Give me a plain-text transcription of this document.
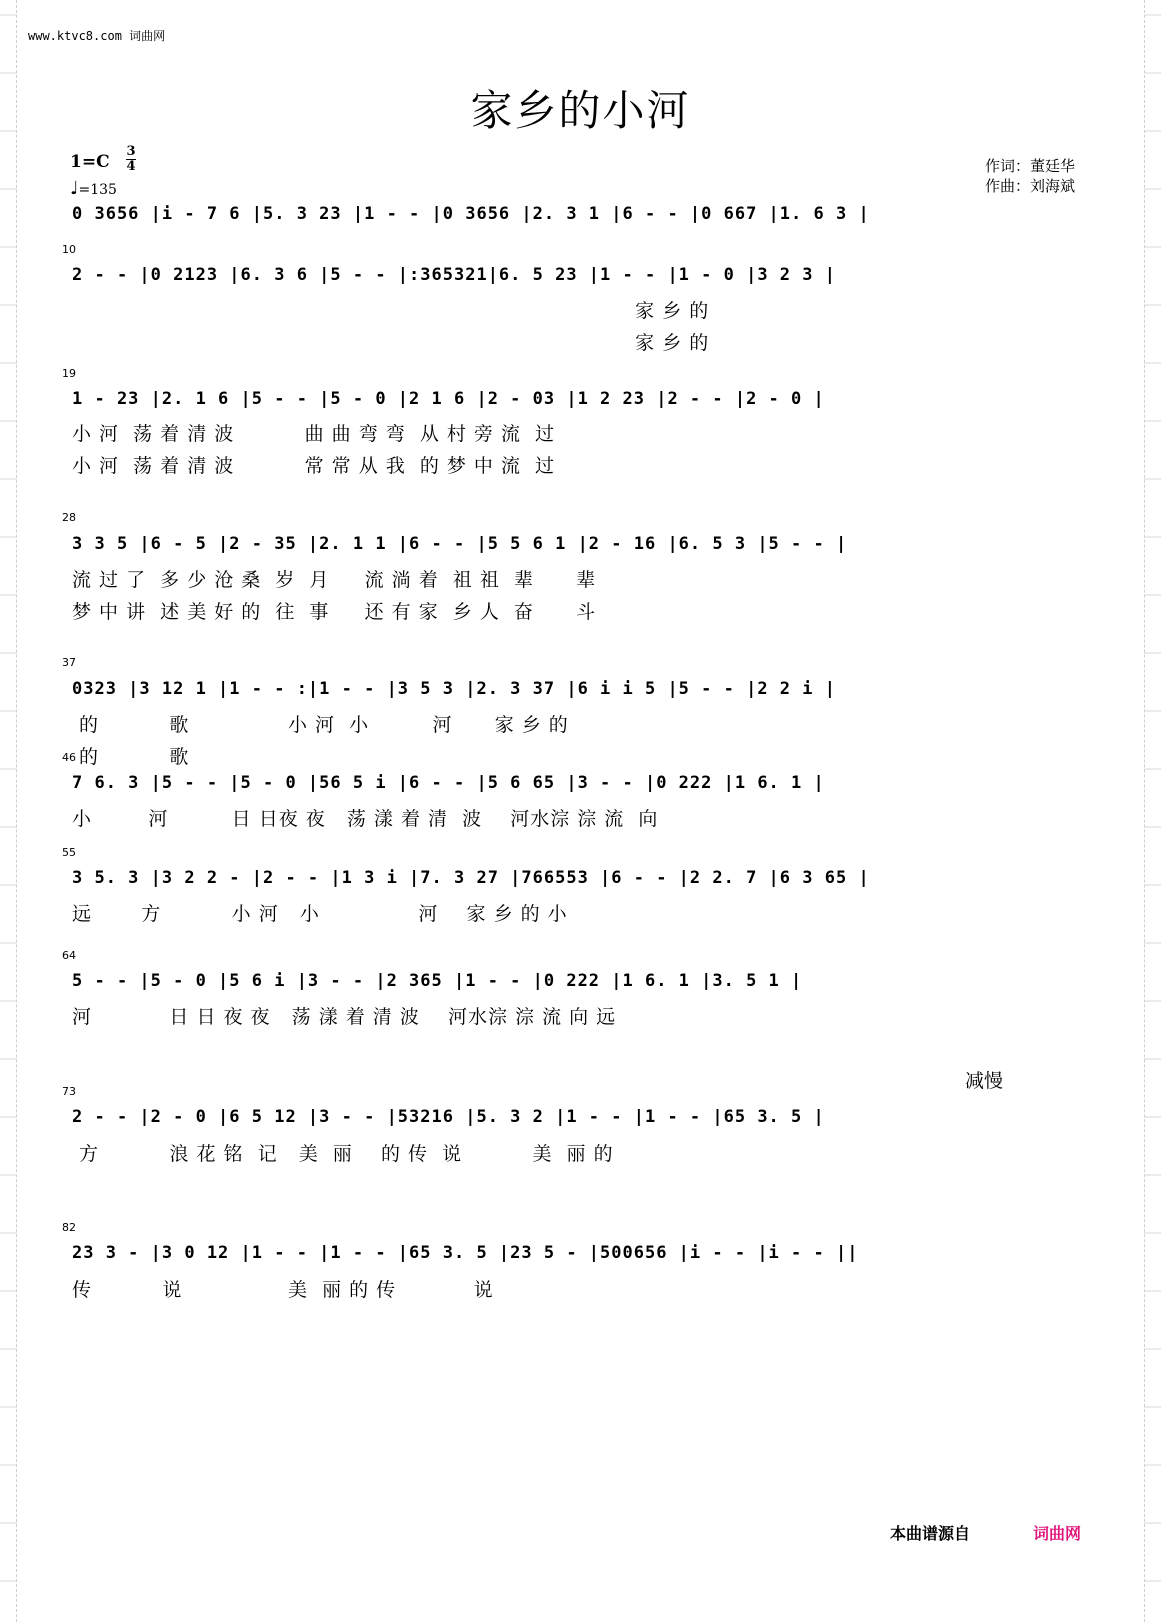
www.ktvc8.com 词曲网
家乡的小河
1=C
3
4
♩=135
作词：董廷华
作曲：刘海斌
0 3656 |i - 7 6 |5. 3 23 |1 - - |0 3656 |2. 3 1 |6 - - |0 667 |1. 6 3 |
10
2 - - |0 2123 |6. 3 6 |5 - - |:365321|6. 5 23 |1 - - |1 - 0 |3 2 3 |
家 乡 的
家 乡 的
19
1 - 23 |2. 1 6 |5 - - |5 - 0 |2 1 6 |2 - 03 |1 2 23 |2 - - |2 - 0 |
小 河  荡 着 清 波          曲 曲 弯 弯  从 村 旁 流  过
小 河  荡 着 清 波          常 常 从 我  的 梦 中 流  过
28
3 3 5 |6 - 5 |2 - 35 |2. 1 1 |6 - - |5 5 6 1 |2 - 16 |6. 5 3 |5 - - |
流 过 了  多 少 沧 桑  岁  月     流 淌 着  祖 祖  辈      辈
梦 中 讲  述 美 好 的  往  事     还 有 家  乡 人  奋      斗
37
0323 |3 12 1 |1 - - :|1 - - |3 5 3 |2. 3 37 |6 i i 5 |5 - - |2 2 i |
的          歌              小 河  小         河      家 乡 的
的          歌
46
7 6. 3 |5 - - |5 - 0 |56 5 i |6 - - |5 6 65 |3 - - |0 222 |1 6. 1 |
小        河         日 日夜 夜   荡 漾 着 清  波    河水淙 淙 流  向
55
3 5. 3 |3 2 2 - |2 - - |1 3 i |7. 3 27 |766553 |6 - - |2 2. 7 |6 3 65 |
远       方          小 河   小              河    家 乡 的 小
64
5 - - |5 - 0 |5 6 i |3 - - |2 365 |1 - - |0 222 |1 6. 1 |3. 5 1 |
河           日 日 夜 夜   荡 漾 着 清 波    河水淙 淙 流 向 远
减慢
73
2 - - |2 - 0 |6 5 12 |3 - - |53216 |5. 3 2 |1 - - |1 - - |65 3. 5 |
方          浪 花 铭  记   美  丽    的 传  说          美  丽 的
82
23 3 - |3 0 12 |1 - - |1 - - |65 3. 5 |23 5 - |500656 |i - - |i - - ||
传          说               美  丽 的 传           说
本曲谱源自	词曲网
